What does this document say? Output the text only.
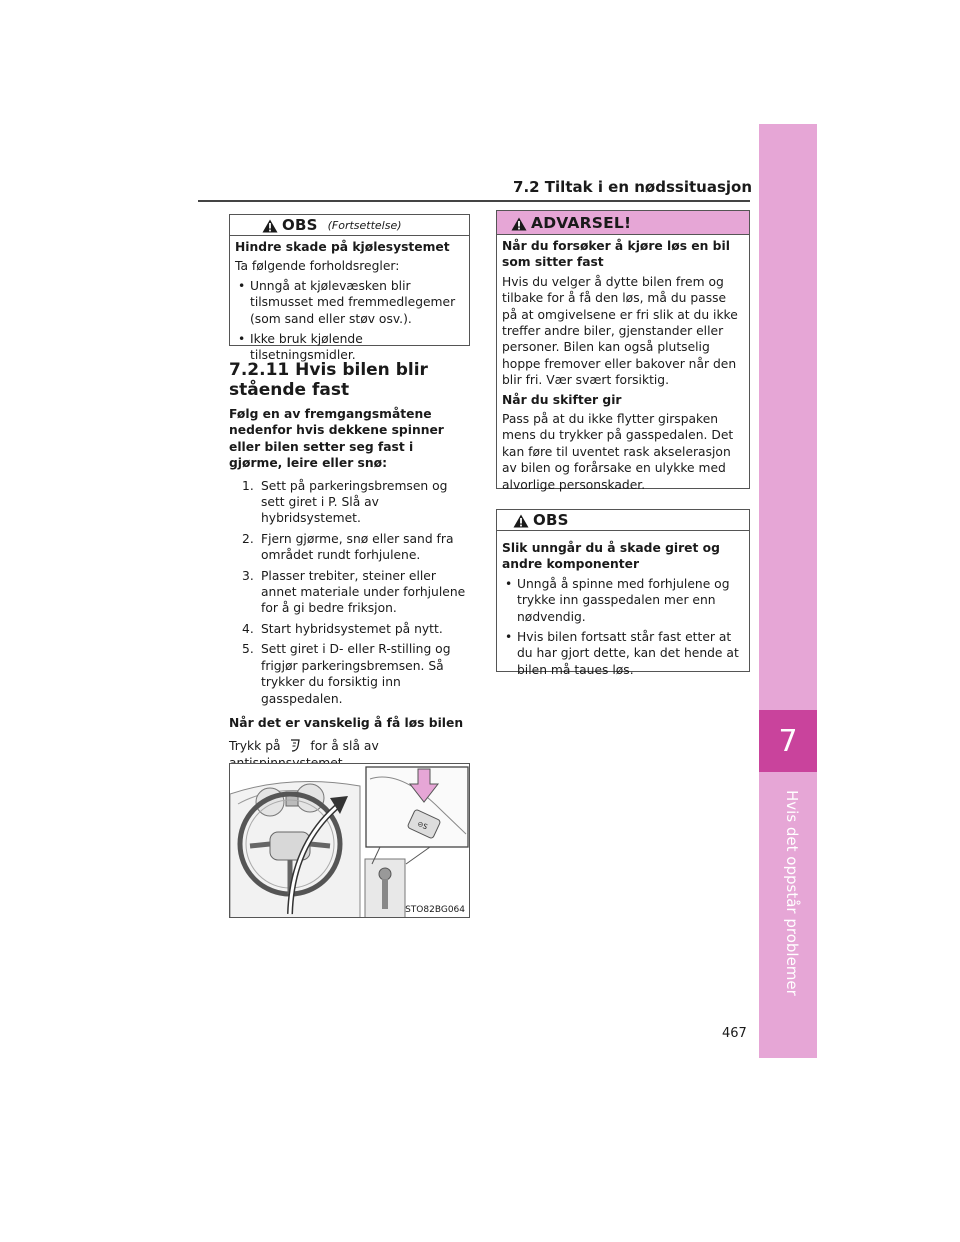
7
Hvis det oppstår problemer
7.2 Tiltak i en nødssituasjon
OBS (Fortsettelse)
Hindre skade på kjølesystemet
Ta følgende forholdsregler:
• Unngå at kjølevæsken blir tilsmusset med fremmedlegemer (som sand eller støv osv.).
• Ikke bruk kjølende tilsetningsmidler.
7.2.11 Hvis bilen blir stående fast
Følg en av fremgangsmåtene nedenfor hvis dekkene spinner eller bilen setter seg fast i gjørme, leire eller snø:
1. Sett på parkeringsbremsen og sett giret i P. Slå av hybridsystemet.
2. Fjern gjørme, snø eller sand fra området rundt forhjulene.
3. Plasser trebiter, steiner eller annet materiale under forhjulene for å gi bedre friksjon.
4. Start hybridsystemet på nytt.
5. Sett giret i D- eller R-stilling og frigjør parkeringsbremsen. Så trykker du forsiktig inn gasspedalen.
Når det er vanskelig å få løs bilen
Trykk på for å slå av
⊘S
STO82BG064
ADVARSEL!
Når du forsøker å kjøre løs en bil som sitter fast
Hvis du velger å dytte bilen frem og tilbake for å få den løs, må du passe på at omgivelsene er fri slik at du ikke treffer andre biler, gjenstander eller personer. Bilen kan også plutselig hoppe fremover eller bakover når den blir fri. Vær svært forsiktig.
Når du skifter gir
Pass på at du ikke flytter girspaken mens du trykker på gasspedalen. Det kan føre til uventet rask akselerasjon av bilen og forårsake en ulykke med alvorlige personskader.
OBS
Slik unngår du å skade giret og andre komponenter
• Unngå å spinne med forhjulene og trykke inn gasspedalen mer enn nødvendig.
• Hvis bilen fortsatt står fast etter at du har gjort dette, kan det hende at bilen må taues løs.
467
